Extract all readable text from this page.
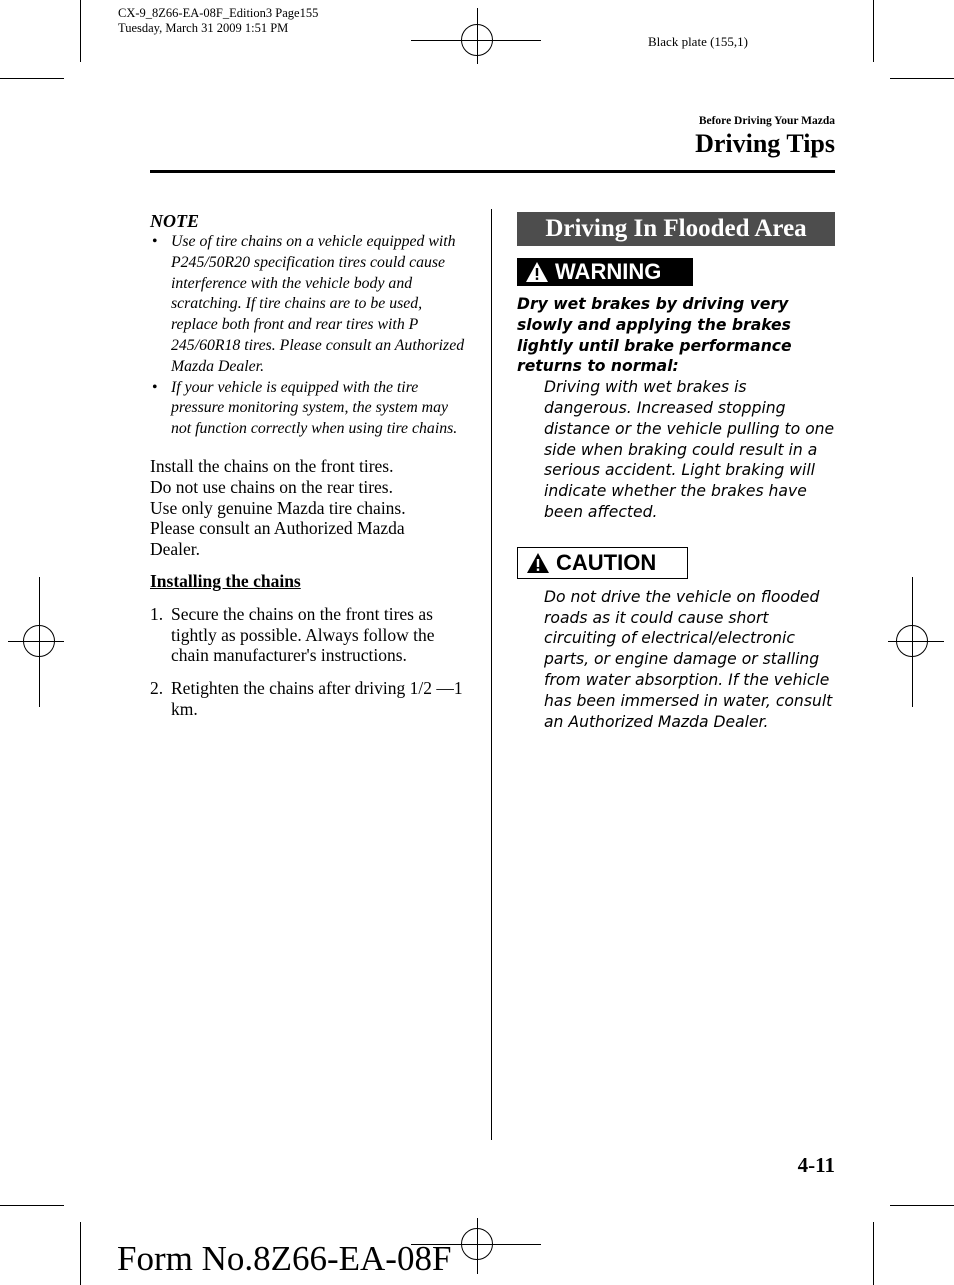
CX-9_8Z66-EA-08F_Edition3 Page155
Tuesday, March 31 2009 1:51 PM
Black plate (155,1)
Before Driving Your Mazda
Driving Tips
NOTE
• Use of tire chains on a vehicle equipped with P245/50R20 specification tires could cause interference with the vehicle body and scratching. If tire chains are to be used, replace both front and rear tires with P 245/60R18 tires. Please consult an Authorized Mazda Dealer.
• If your vehicle is equipped with the tire pressure monitoring system, the system may not function correctly when using tire chains.
Install the chains on the front tires.
Do not use chains on the rear tires.
Use only genuine Mazda tire chains.
Please consult an Authorized Mazda
Dealer.
Installing the chains
1. Secure the chains on the front tires as tightly as possible. Always follow the chain manufacturer's instructions.
2. Retighten the chains after driving 1/2 ―1 km.
Driving In Flooded Area
WARNING
Dry wet brakes by driving very slowly and applying the brakes lightly until brake performance returns to normal:
Driving with wet brakes is dangerous. Increased stopping distance or the vehicle pulling to one side when braking could result in a serious accident. Light braking will indicate whether the brakes have been affected.
CAUTION
Do not drive the vehicle on flooded roads as it could cause short circuiting of electrical/electronic parts, or engine damage or stalling from water absorption. If the vehicle has been immersed in water, consult an Authorized Mazda Dealer.
4-11
Form No.8Z66-EA-08F
